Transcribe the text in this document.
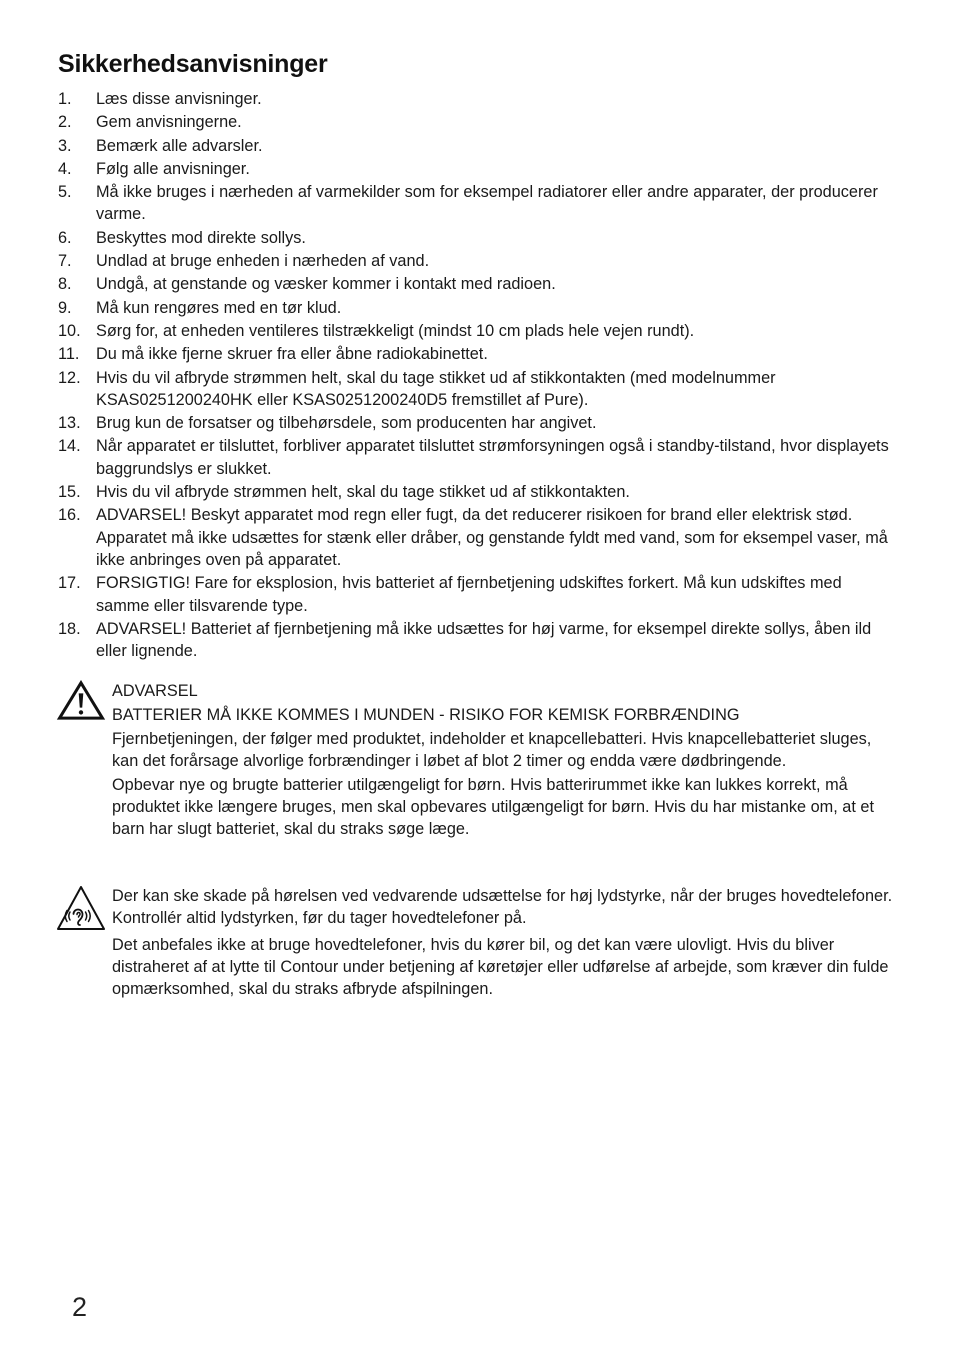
Sikkerhedsanvisninger
1. Læs disse anvisninger.
2. Gem anvisningerne.
3. Bemærk alle advarsler.
4. Følg alle anvisninger.
5. Må ikke bruges i nærheden af varmekilder som for eksempel radiatorer eller andre apparater, der producerer varme.
6. Beskyttes mod direkte sollys.
7. Undlad at bruge enheden i nærheden af vand.
8. Undgå, at genstande og væsker kommer i kontakt med radioen.
9. Må kun rengøres med en tør klud.
10. Sørg for, at enheden ventileres tilstrækkeligt (mindst 10 cm plads hele vejen rundt).
11. Du må ikke fjerne skruer fra eller åbne radiokabinettet.
12. Hvis du vil afbryde strømmen helt, skal du tage stikket ud af stikkontakten (med modelnummer KSAS0251200240HK eller KSAS0251200240D5 fremstillet af Pure).
13. Brug kun de forsatser og tilbehørsdele, som producenten har angivet.
14. Når apparatet er tilsluttet, forbliver apparatet tilsluttet strømforsyningen også i standby-tilstand, hvor displayets baggrundslys er slukket.
15. Hvis du vil afbryde strømmen helt, skal du tage stikket ud af stikkontakten.
16. ADVARSEL! Beskyt apparatet mod regn eller fugt, da det reducerer risikoen for brand eller elektrisk stød. Apparatet må ikke udsættes for stænk eller dråber, og genstande fyldt med vand, som for eksempel vaser, må ikke anbringes oven på apparatet.
17. FORSIGTIG! Fare for eksplosion, hvis batteriet af fjernbetjening udskiftes forkert. Må kun udskiftes med samme eller tilsvarende type.
18. ADVARSEL! Batteriet af fjernbetjening må ikke udsættes for høj varme, for eksempel direkte sollys, åben ild eller lignende.

ADVARSEL

BATTERIER MÅ IKKE KOMMES I MUNDEN - RISIKO FOR KEMISK FORBRÆNDING

Fjernbetjeningen, der følger med produktet, indeholder et knapcellebatteri. Hvis knapcellebatteriet sluges, kan det forårsage alvorlige forbrændinger i løbet af blot 2 timer og endda være dødbringende.

Opbevar nye og brugte batterier utilgængeligt for børn. Hvis batterirummet ikke kan lukkes korrekt, må produktet ikke længere bruges, men skal opbevares utilgængeligt for børn. Hvis du har mistanke om, at et barn har slugt batteriet, skal du straks søge læge.

Der kan ske skade på hørelsen ved vedvarende udsættelse for høj lydstyrke, når der bruges hovedtelefoner. Kontrollér altid lydstyrken, før du tager hovedtelefoner på.

Det anbefales ikke at bruge hovedtelefoner, hvis du kører bil, og det kan være ulovligt. Hvis du bliver distraheret af at lytte til Contour under betjening af køretøjer eller udførelse af arbejde, som kræver din fulde opmærksomhed, skal du straks afbryde afspilningen.

2
